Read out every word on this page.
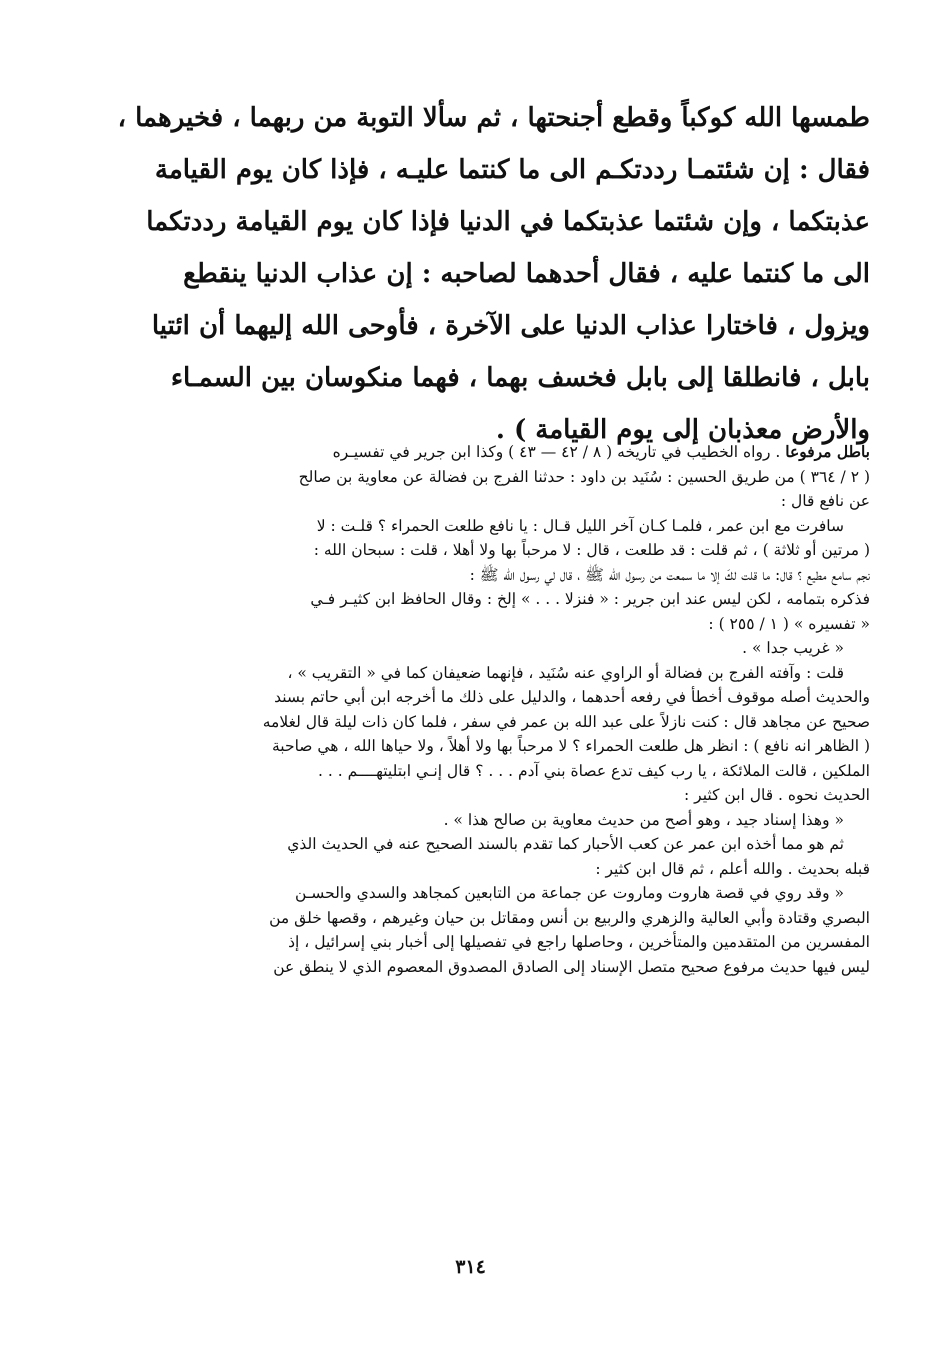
طمسها الله كوكباً وقطع أجنحتها ، ثم سألا التوبة من ربهما ، فخيرهما ،
فقال : إن شئتمـا رددتكـم الى ما كنتما عليـه ، فإذا كان يوم القيامة
عذبتكما ، وإن شئتما عذبتكما في الدنيا فإذا كان يوم القيامة رددتكما
الى ما كنتما عليه ، فقال أحدهما لصاحبه : إن عذاب الدنيا ينقطع
ويزول ، فاختارا عذاب الدنيا على الآخرة ، فأوحى الله إليهما أن ائتيا
بابل ، فانطلقا إلى بابل فخسف بهما ، فهما منكوسان بين السمـاء
والأرض معذبان إلى يوم القيامة ) .
باطل مرفوعا . رواه الخطيب في تاريخه ( ٨ / ٤٢ — ٤٣ ) وكذا ابن جرير في تفسيـره
( ٢ / ٣٦٤ ) من طريق الحسين : سُنَيد بن داود : حدثنا الفرج بن فضالة عن معاوية بن صالح
عن نافع قال :
سافرت مع ابن عمر ، فلمـا كـان آخر الليل قـال : يا نافع طلعت الحمراء ؟ قلـت : لا
( مرتين أو ثلاثة ) ، ثم قلت : قد طلعت ، قال : لا مرحباً بها ولا أهلا ، قلت : سبحان الله :
نجم سامع مطيع ؟ قال: ما قلت لكَ إلا ما سمعت من رسول الله ﷺ ، قال لي رسول الله ﷺ :
فذكره بتمامه ، لكن ليس عند ابن جرير : « فنزلا . . . » إلخ : وقال الحافظ ابن كثيـر فـي
« تفسيره » ( ١ / ٢٥٥ ) :
« غريب جدا » .
قلت : وآفته الفرج بن فضالة أو الراوي عنه سُنَيد ، فإنهما ضعيفان كما في « التقريب » ،
والحديث أصله موقوف أخطأ في رفعه أحدهما ، والدليل على ذلك ما أخرجه ابن أبي حاتم بسند
صحيح عن مجاهد قال : كنت نازلاً على عبد الله بن عمر في سفر ، فلما كان ذات ليلة قال لغلامه
( الظاهر انه نافع ) : انظر هل طلعت الحمراء ؟ لا مرحباً بها ولا أهلاً ، ولا حياها الله ، هي صاحبة
الملكين ، قالت الملائكة ، يا رب كيف تدع عصاة بني آدم . . . ؟ قال إنـي ابتليتهــــم . . .
الحديث نحوه . قال ابن كثير :
« وهذا إسناد جيد ، وهو أصح من حديث معاوية بن صالح هذا » .
ثم هو مما أخذه ابن عمر عن كعب الأحبار كما تقدم بالسند الصحيح عنه في الحديث الذي
قبله بحديث . والله أعلم ، ثم قال ابن كثير :
« وقد روي في قصة هاروت وماروت عن جماعة من التابعين كمجاهد والسدي والحسـن
البصري وقتادة وأبي العالية والزهري والربيع بن أنس ومقاتل بن حيان وغيرهم ، وقصها خلق من
المفسرين من المتقدمين والمتأخرين ، وحاصلها راجع في تفصيلها إلى أخبار بني إسرائيل ، إذ
ليس فيها حديث مرفوع صحيح متصل الإسناد إلى الصادق المصدوق المعصوم الذي لا ينطق عن
٣١٤
